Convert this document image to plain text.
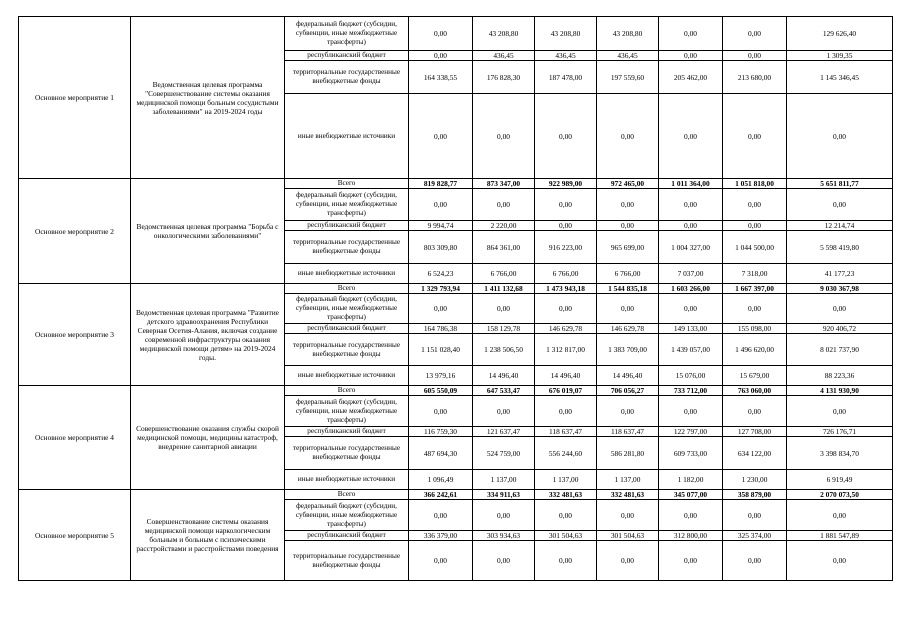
Основное мероприятие 1	Ведомственная целевая программа "Совершенствование системы оказания медицинской помощи больным сосудистыми заболеваниями" на 2019-2024 годы	федеральный бюджет (субсидии, субвенции, иные межбюджетные трансферты)	0,00	43 208,80	43 208,80	43 208,80	0,00	0,00	129 626,40
		республиканский бюджет	0,00	436,45	436,45	436,45	0,00	0,00	1 309,35
		территориальные государственные внебюджетные фонды	164 338,55	176 828,30	187 478,00	197 559,60	205 462,00	213 680,00	1 145 346,45
		иные внебюджетные источники	0,00	0,00	0,00	0,00	0,00	0,00	0,00
Основное мероприятие 2	Ведомственная целевая программа "Борьба с онкологическими заболеваниями"	Всего	819 828,77	873 347,00	922 989,00	972 465,00	1 011 364,00	1 051 818,00	5 651 811,77
		федеральный бюджет (субсидии, субвенции, иные межбюджетные трансферты)	0,00	0,00	0,00	0,00	0,00	0,00	0,00
		республиканский бюджет	9 994,74	2 220,00	0,00	0,00	0,00	0,00	12 214,74
		территориальные государственные внебюджетные фонды	803 309,80	864 361,00	916 223,00	965 699,00	1 004 327,00	1 044 500,00	5 598 419,80
		иные внебюджетные источники	6 524,23	6 766,00	6 766,00	6 766,00	7 037,00	7 318,00	41 177,23
Основное мероприятие 3	Ведомственная целевая программа "Развитие детского здравоохранения Республики Северная Осетия-Алания, включая создание современной инфраструктуры оказания медицинской помощи детям» на 2019-2024 годы.	Всего	1 329 793,94	1 411 132,68	1 473 943,18	1 544 835,18	1 603 266,00	1 667 397,00	9 030 367,98
		федеральный бюджет (субсидии, субвенции, иные межбюджетные трансферты)	0,00	0,00	0,00	0,00	0,00	0,00	0,00
		республиканский бюджет	164 786,38	158 129,78	146 629,78	146 629,78	149 133,00	155 098,00	920 406,72
		территориальные государственные внебюджетные фонды	1 151 028,40	1 238 506,50	1 312 817,00	1 383 709,00	1 439 057,00	1 496 620,00	8 021 737,90
		иные внебюджетные источники	13 979,16	14 496,40	14 496,40	14 496,40	15 076,00	15 679,00	88 223,36
Основное мероприятие 4	Совершенствование оказания службы скорой медицинской помощи, медицины катастроф, внедрение санитарной авиации	Всего	605 550,09	647 533,47	676 019,07	706 056,27	733 712,00	763 060,00	4 131 930,90
		федеральный бюджет (субсидии, субвенции, иные межбюджетные трансферты)	0,00	0,00	0,00	0,00	0,00	0,00	0,00
		республиканский бюджет	116 759,30	121 637,47	118 637,47	118 637,47	122 797,00	127 708,00	726 176,71
		территориальные государственные внебюджетные фонды	487 694,30	524 759,00	556 244,60	586 281,80	609 733,00	634 122,00	3 398 834,70
		иные внебюджетные источники	1 096,49	1 137,00	1 137,00	1 137,00	1 182,00	1 230,00	6 919,49
Основное мероприятие 5	Совершенствование системы оказания медицинской помощи наркологическим больным и больным с психическими расстройствами и расстройствами поведения	Всего	366 242,61	334 911,63	332 481,63	332 481,63	345 077,00	358 879,00	2 070 073,50
		федеральный бюджет (субсидии, субвенции, иные межбюджетные трансферты)	0,00	0,00	0,00	0,00	0,00	0,00	0,00
		республиканский бюджет	336 379,00	303 934,63	301 504,63	301 504,63	312 800,00	325 374,00	1 881 547,89
		территориальные государственные внебюджетные фонды	0,00	0,00	0,00	0,00	0,00	0,00	0,00
